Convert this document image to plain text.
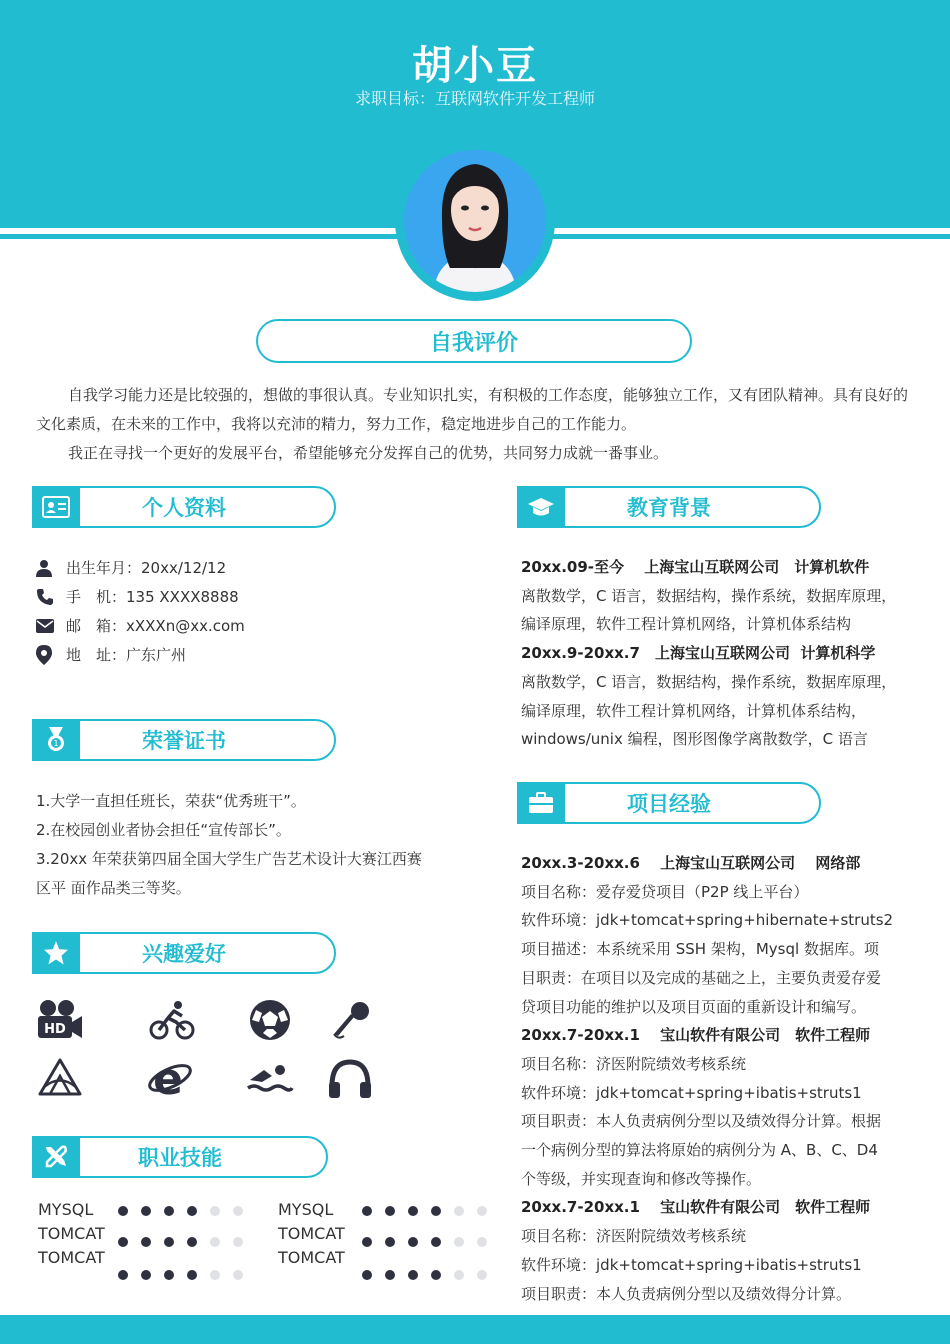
胡小豆
求职目标：互联网软件开发工程师
自我评价

自我学习能力还是比较强的，想做的事很认真。专业知识扎实，有积极的工作态度，能够独立工作，又有团队精神。具有良好的文化素质，在未来的工作中，我将以充沛的精力，努力工作，稳定地进步自己的工作能力。

我正在寻找一个更好的发展平台，希望能够充分发挥自己的优势，共同努力成就一番事业。

个人资料
出生年月：20xx/12/12
手　机：135 XXXX8888
邮　箱：xXXXn@xx.com
地　址：广东广州
荣誉证书
1
1.大学一直担任班长，荣获“优秀班干”。
2.在校园创业者协会担任“宣传部长”。
3.20xx 年荣获第四届全国大学生广告艺术设计大赛江西赛
区平 面作品类三等奖。
兴趣爱好
HD
e
职业技能
MYSQL
TOMCAT
TOMCAT
MYSQL
TOMCAT
TOMCAT
教育背景
20xx.09-至今　 上海宝山互联网公司　计算机软件
离散数学，C 语言，数据结构，操作系统，数据库原理，
编译原理，软件工程计算机网络，计算机体系结构
20xx.9-20xx.7　上海宝山互联网公司  计算机科学
离散数学，C 语言，数据结构，操作系统，数据库原理，
编译原理，软件工程计算机网络，计算机体系结构，
windows/unix 编程，图形图像学离散数学，C 语言
项目经验
20xx.3-20xx.6　 上海宝山互联网公司　 网络部
项目名称：爱存爱贷项目（P2P 线上平台）
软件环境：jdk+tomcat+spring+hibernate+struts2
项目描述：本系统采用 SSH 架构，Mysql 数据库。项
目职责：在项目以及完成的基础之上，主要负责爱存爱
贷项目功能的维护以及项目页面的重新设计和编写。
20xx.7-20xx.1　 宝山软件有限公司　软件工程师
项目名称：济医附院绩效考核系统
软件环境：jdk+tomcat+spring+ibatis+struts1
项目职责：本人负责病例分型以及绩效得分计算。根据
一个病例分型的算法将原始的病例分为 A、B、C、D4
个等级，并实现查询和修改等操作。
20xx.7-20xx.1　 宝山软件有限公司　软件工程师
项目名称：济医附院绩效考核系统
软件环境：jdk+tomcat+spring+ibatis+struts1
项目职责：本人负责病例分型以及绩效得分计算。
